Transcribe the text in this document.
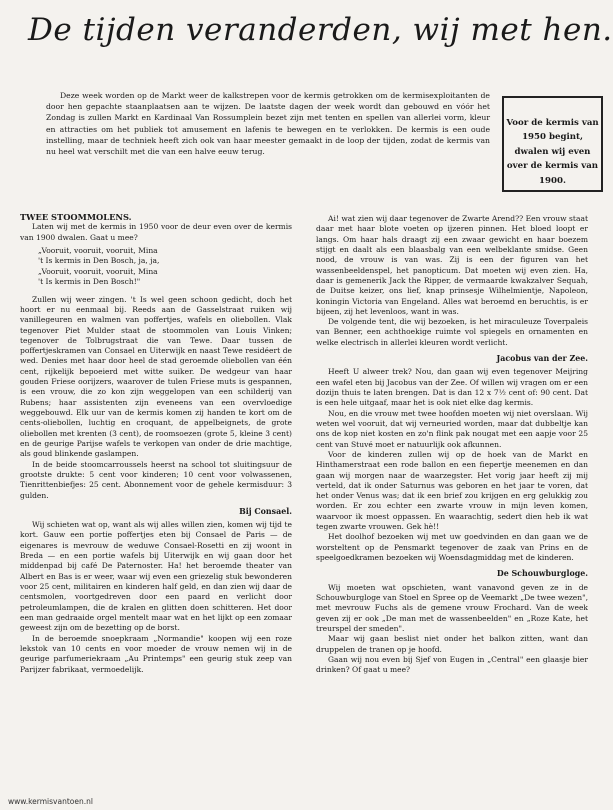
De tijden veranderden, wij met hen.
Deze week worden op de Markt weer de kalkstrepen voor de kermis getrokken om de kermisexploitanten de door hen gepachte staanplaatsen aan te wijzen. De laatste dagen der week wordt dan gebouwd en vóór het Zondag is zullen Markt en Kardinaal Van Rossumplein bezet zijn met tenten en spellen van allerlei vorm, kleur en attracties om het publiek tot amusement en lafenis te bewegen en te verlokken. De kermis is een oude instelling, maar de techniek heeft zich ook van haar meester gemaakt in de loop der tijden, zodat de kermis van nu heel wat verschilt met die van een halve eeuw terug.
Voor de kermis van 1950 begint, dwalen wij even over de kermis van 1900.

TWEE STOOMMOLENS.

Laten wij met de kermis in 1950 voor de deur even over de kermis van 1900 dwalen. Gaat u mee?

„Vooruit, vooruit, vooruit, Mina
't Is kermis in Den Bosch, ja, ja,
„Vooruit, vooruit, vooruit, Mina
't Is kermis in Den Bosch!"

Zullen wij weer zingen. 't Is wel geen schoon gedicht, doch het hoort er nu eenmaal bij. Reeds aan de Gasselstraat ruiken wij vanillegeuren en walmen van poffertjes, wafels en oliebollen. Vlak tegenover Piet Mulder staat de stoommolen van Louis Vinken; tegenover de Tolbrugstraat die van Tewe. Daar tussen de poffertjeskramen van Consael en Uiterwijk en naast Tewe residéert de wed. Denies met haar door heel de stad geroemde oliebollen van één cent, rijkelijk bepoeierd met witte suiker. De wedgeur van haar gouden Friese oorijzers, waarover de tulen Friese muts is gespannen, is een vrouw, die zo kon zijn weggelopen van een schilderij van Rubens; haar assistenten zijn eveneens van een overvloedige weggebouwd. Elk uur van de kermis komen zij handen te kort om de cents-oliebollen, luchtig en croquant, de appelbeignets, de grote oliebollen met krenten (3 cent), de roomsoezen (grote 5, kleine 3 cent) en de geurige Parijse wafels te verkopen van onder de drie machtige, als goud blinkende gaslampen.

In de beide stoomcarroussels heerst na school tot sluitingsuur de grootste drukte: 5 cent voor kinderen; 10 cent voor volwassenen, Tienrittenbiefjes: 25 cent. Abonnement voor de gehele kermisduur: 3 gulden.

Bij Consael.

Wij schieten wat op, want als wij alles willen zien, komen wij tijd te kort. Gauw een portie poffertjes eten bij Consael de Paris — de eigenares is mevrouw de weduwe Consael-Rosetti en zij woont in Breda — en een portie wafels bij Uiterwijk en wij gaan door het middenpad bij café De Paternoster. Ha! het beroemde theater van Albert en Bas is er weer, waar wij even een griezelig stuk bewonderen voor 25 cent, militairen en kinderen half geld, en dan zien wij daar de centsmolen, voortgedreven door een paard en verlicht door petroleumlampen, die de kralen en glitten doen schitteren. Het door een man gedraaide orgel mentelt maar wat en het lijkt op een zomaar geweest zijn om de bezetting op de borst.

In de beroemde snoepkraam „Normandie" koopen wij een roze lekstok van 10 cents en voor moeder de vrouw nemen wij in de geurige parfumeriekraam „Au Printemps" een geurig stuk zeep van Parijzer fabrikaat, vermoedelijk.

Ai! wat zien wij daar tegenover de Zwarte Arend?? Een vrouw staat daar met haar blote voeten op ijzeren pinnen. Het bloed loopt er langs. Om haar hals draagt zij een zwaar gewicht en haar boezem stijgt en daalt als een blaasbalg van een welbeklante smidse. Geen nood, de vrouw is van was. Zij is een der figuren van het wassenbeeldenspel, het panopticum. Dat moeten wij even zien. Ha, daar is gemenerik Jack the Ripper, de vermaarde kwakzalver Sequah, de Duitse keizer, ons lief, knap prinsesje Wilhelmientje, Napoleon, koningin Victoria van Engeland. Alles wat beroemd en beruchtis, is er bijeen, zij het levenloos, want in was.

De volgende tent, die wij bezoeken, is het miraculeuze Toverpaleis van Benner, een achthoekige ruimte vol spiegels en ornamenten en welke electrisch in allerlei kleuren wordt verlicht.

Jacobus van der Zee.

Heeft U alweer trek? Nou, dan gaan wij even tegenover Meijring een wafel eten bij Jacobus van der Zee. Of willen wij vragen om er een dozijn thuis te laten brengen. Dat is dan 12 x 7½ cent of: 90 cent. Dat is een hele uitgaaf, maar het is ook niet elke dag kermis.

Nou, en die vrouw met twee hoofden moeten wij niet overslaan. Wij weten wel vooruit, dat wij verneuried worden, maar dat dubbeltje kan ons de kop niet kosten en zo'n flink pak nougat met een aapje voor 25 cent van Stuvé moet er natuurlijk ook afkunnen.

Voor de kinderen zullen wij op de hoek van de Markt en Hinthamerstraat een rode ballon en een fiepertje meenemen en dan gaan wij morgen naar de waarzegster. Het vorig jaar heeft zij mij verteld, dat ik onder Saturnus was geboren en het jaar te voren, dat het onder Venus was; dat ik een brief zou krijgen en erg gelukkig zou worden. Er zou echter een zwarte vrouw in mijn leven komen, waarvoor ik moest oppassen. En waarachtig, sedert dien heb ik wat tegen zwarte vrouwen. Gek hè!!

Het doolhof bezoeken wij met uw goedvinden en dan gaan we de worsteltent op de Pensmarkt tegenover de zaak van Prins en de speelgoedkramen bezoeken wij Woensdagmiddag met de kinderen.

De Schouwburgloge.

Wij moeten wat opschieten, want vanavond geven ze in de Schouwburgloge van Stoel en Spree op de Veemarkt „De twee wezen", met mevrouw Fuchs als de gemene vrouw Frochard. Van de week geven zij er ook „De man met de wassenbeelden" en „Roze Kate, het treurspel der smeden".

Maar wij gaan beslist niet onder het balkon zitten, want dan druppelen de tranen op je hoofd.

Gaan wij nou even bij Sjef von Eugen in „Central" een glaasje bier drinken? Of gaat u mee?

www.kermisvantoen.nl
